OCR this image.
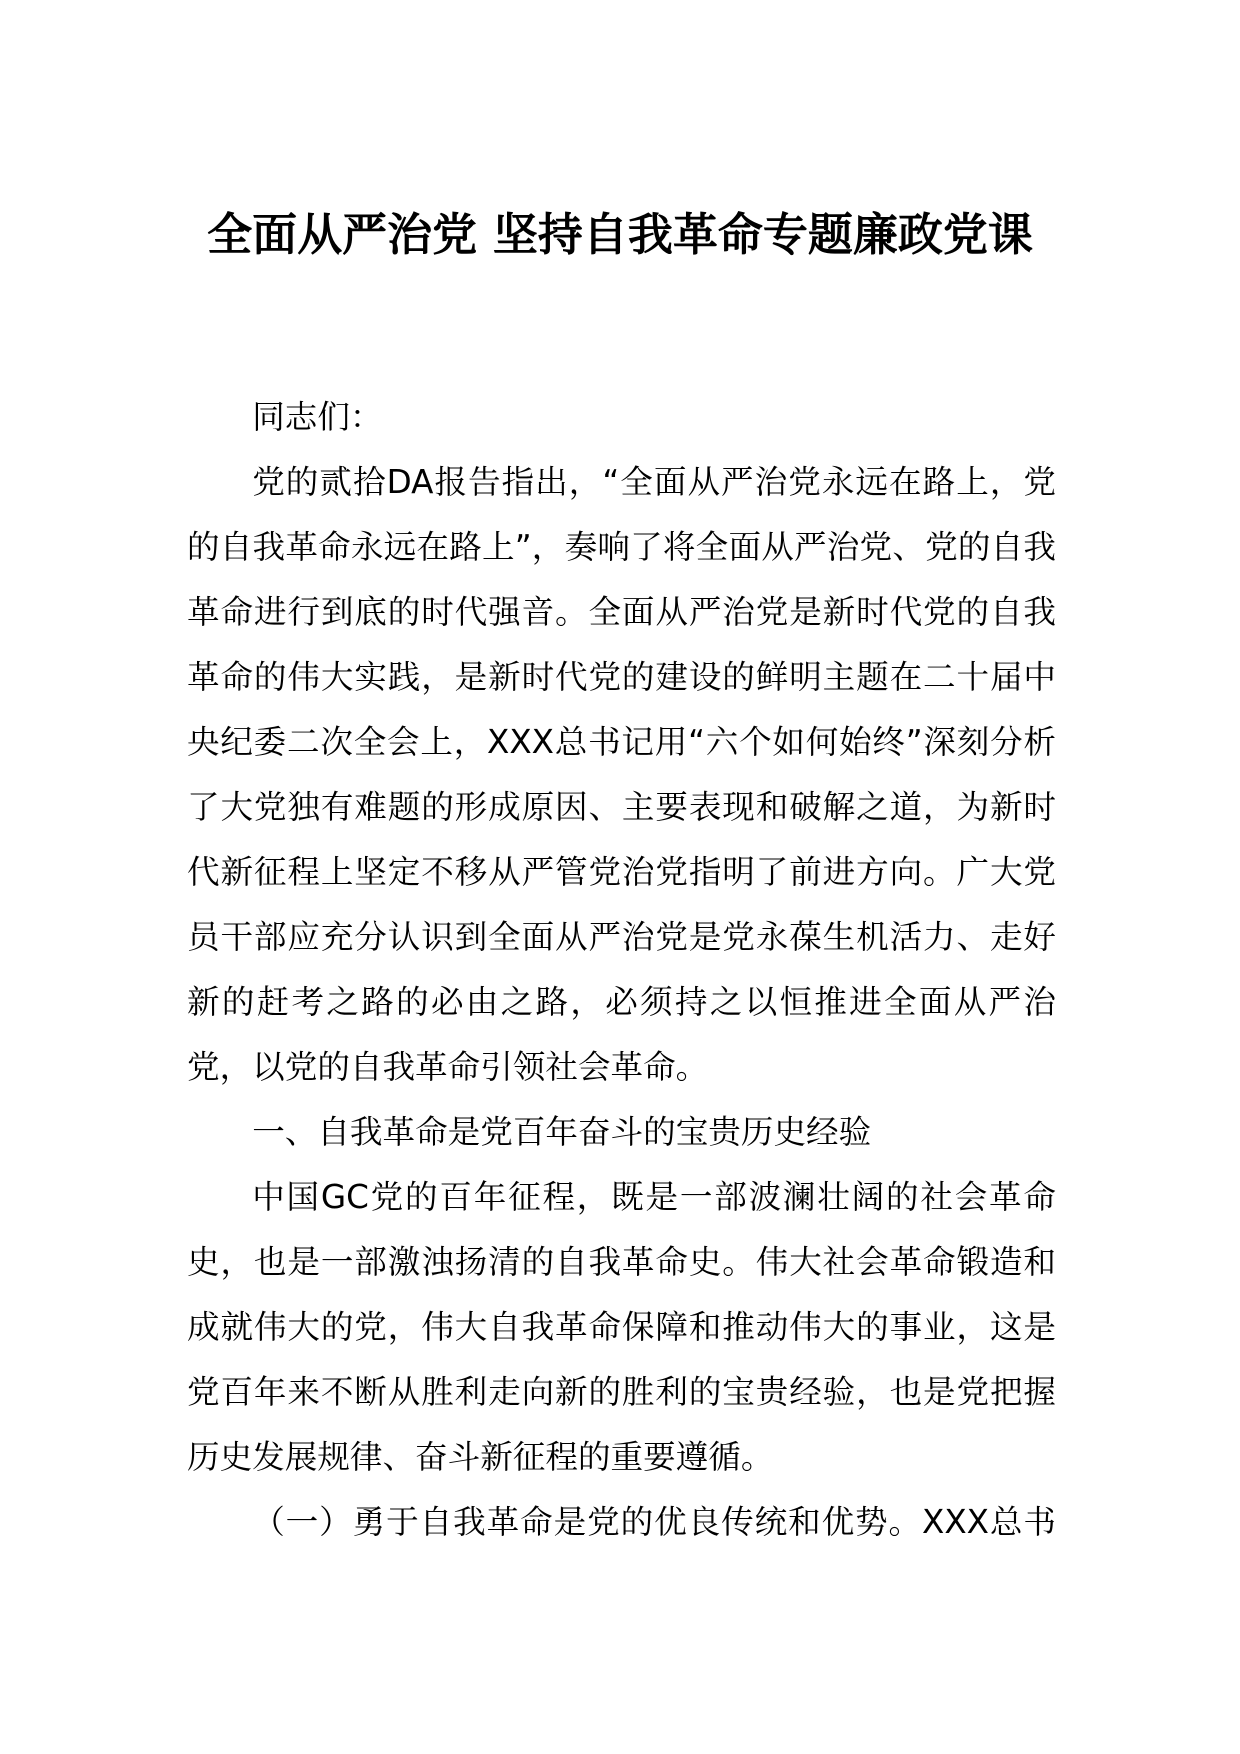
全面从严治党 坚持自我革命专题廉政党课

同志们：

党的贰拾DA报告指出，“全面从严治党永远在路上，党的自我革命永远在路上”，奏响了将全面从严治党、党的自我革命进行到底的时代强音。全面从严治党是新时代党的自我革命的伟大实践，是新时代党的建设的鲜明主题在二十届中央纪委二次全会上，XXX总书记用“六个如何始终”深刻分析了大党独有难题的形成原因、主要表现和破解之道，为新时代新征程上坚定不移从严管党治党指明了前进方向。广大党员干部应充分认识到全面从严治党是党永葆生机活力、走好新的赶考之路的必由之路，必须持之以恒推进全面从严治党，以党的自我革命引领社会革命。

一、自我革命是党百年奋斗的宝贵历史经验

中国GC党的百年征程，既是一部波澜壮阔的社会革命史，也是一部激浊扬清的自我革命史。伟大社会革命锻造和成就伟大的党，伟大自我革命保障和推动伟大的事业，这是党百年来不断从胜利走向新的胜利的宝贵经验，也是党把握历史发展规律、奋斗新征程的重要遵循。

（一）勇于自我革命是党的优良传统和优势。XXX总书
